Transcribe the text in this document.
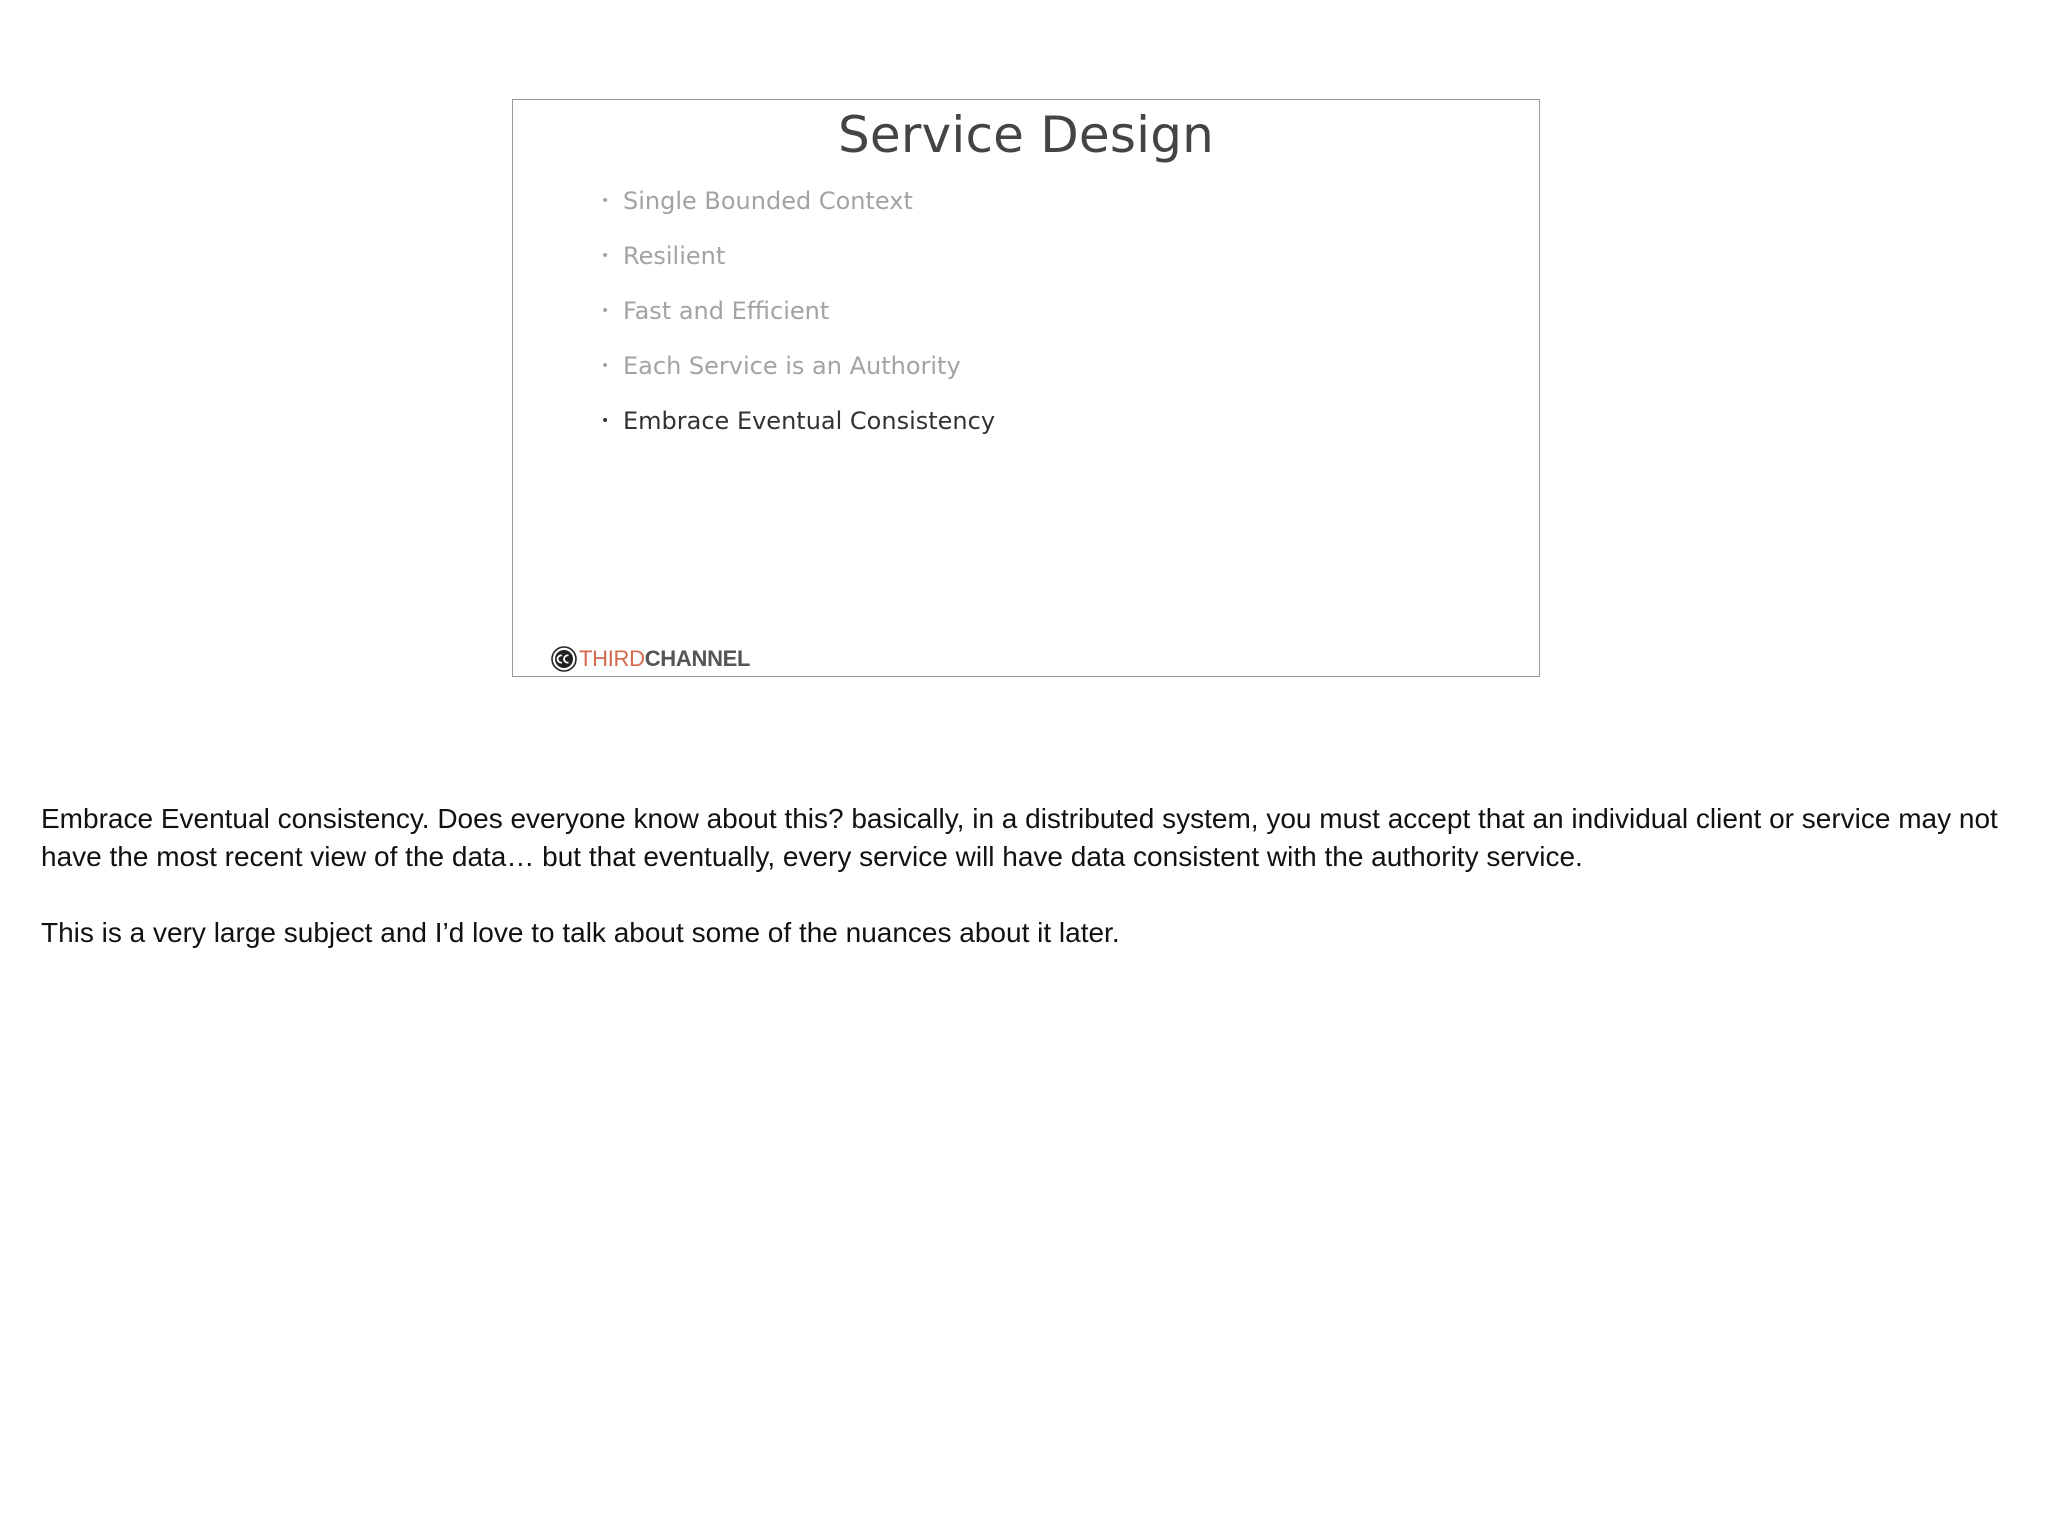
Service Design
• Single Bounded Context
• Resilient
• Fast and Efficient
• Each Service is an Authority
• Embrace Eventual Consistency
THIRD CHANNEL

Embrace Eventual consistency. Does everyone know about this? basically, in a distributed system, you must accept that an individual client or service may not have the most recent view of the data… but that eventually, every service will have data consistent with the authority service.

This is a very large subject and I’d love to talk about some of the nuances about it later.
